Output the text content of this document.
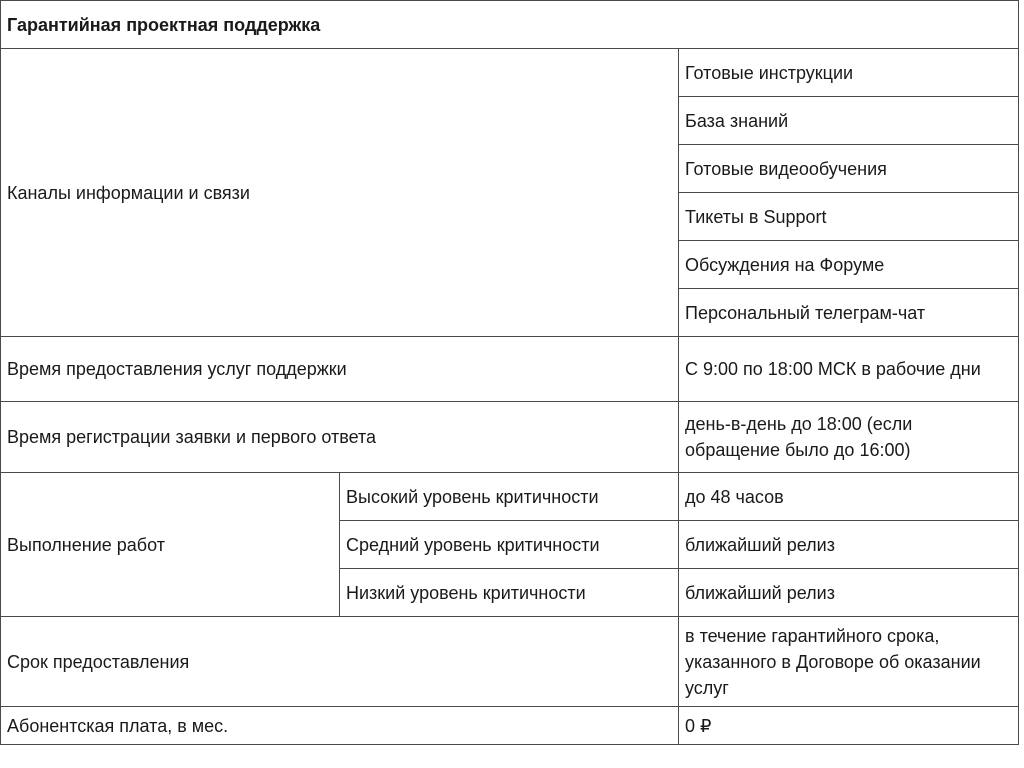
Гарантийная проектная поддержка		
Каналы информации и связи		Готовые инструкции
		База знаний
		Готовые видеообучения
		Тикеты в Support
		Обсуждения на Форуме
		Персональный телеграм-чат
Время предоставления услуг поддержки		С 9:00 по 18:00 МСК в рабочие дни
Время регистрации заявки и первого ответа		день-в-день до 18:00 (если обращение было до 16:00)
Выполнение работ	Высокий уровень критичности	до 48 часов
	Средний уровень критичности	ближайший релиз
	Низкий уровень критичности	ближайший релиз
Срок предоставления		в течение гарантийного срока, указанного в Договоре об оказании услуг
Абонентская плата, в мес.		0 ₽
